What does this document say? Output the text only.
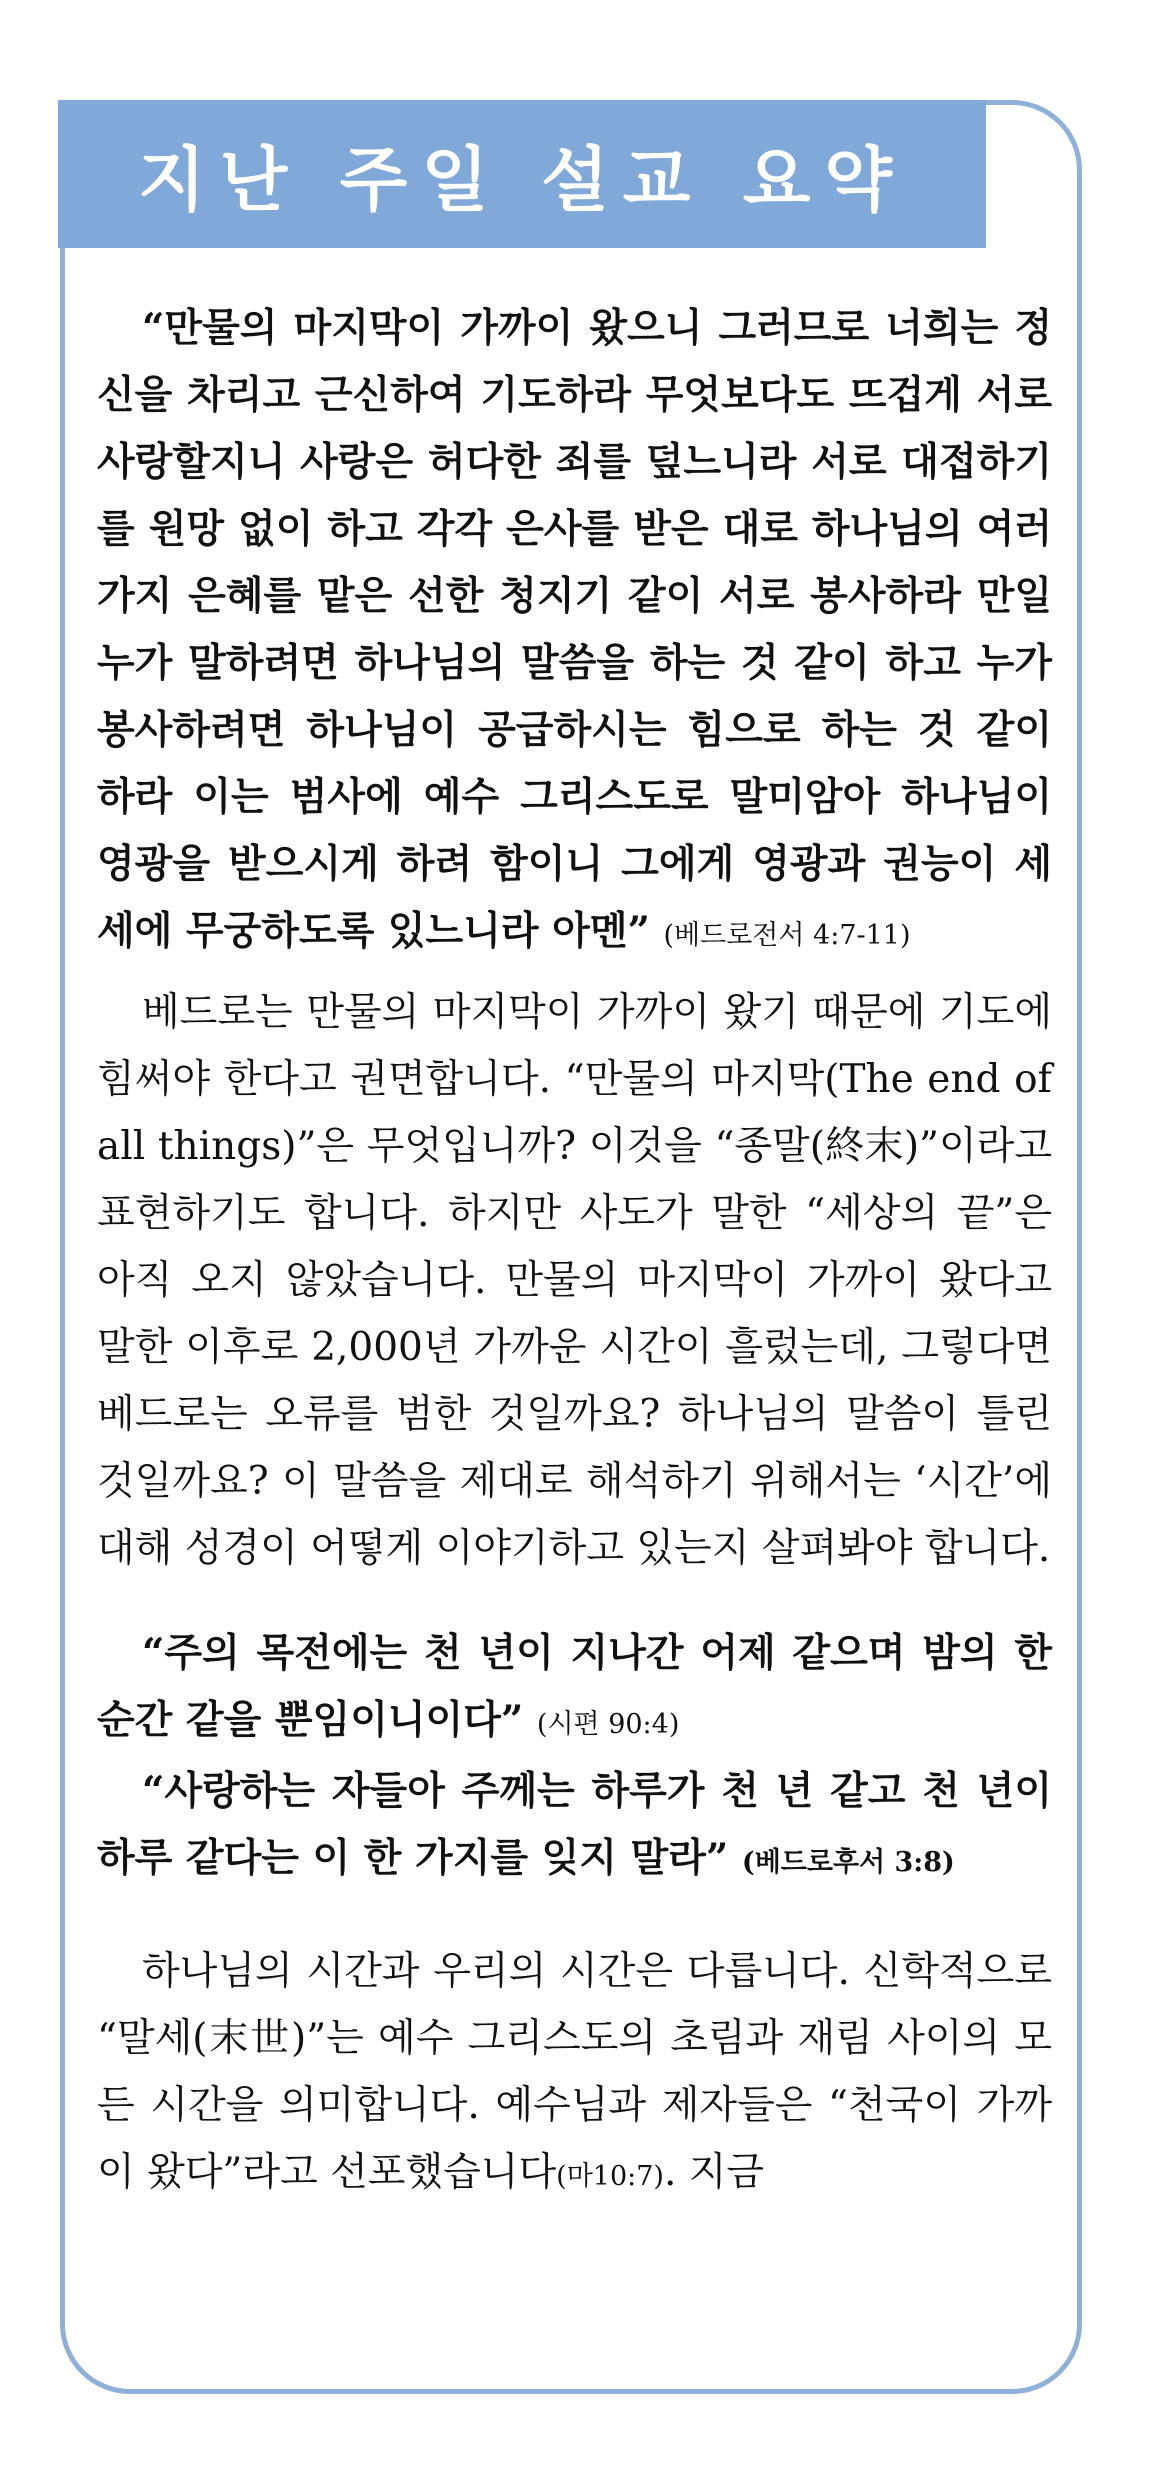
지난 주일 설교 요약

“만물의 마지막이 가까이 왔으니 그러므로 너희는 정신을 차리고 근신하여 기도하라 무엇보다도 뜨겁게 서로 사랑할지니 사랑은 허다한 죄를 덮느니라 서로 대접하기를 원망 없이 하고 각각 은사를 받은 대로 하나님의 여러 가지 은혜를 맡은 선한 청지기 같이 서로 봉사하라 만일 누가 말하려면 하나님의 말씀을 하는 것 같이 하고 누가 봉사하려면 하나님이 공급하시는 힘으로 하는 것 같이 하라 이는 범사에 예수 그리스도로 말미암아 하나님이 영광을 받으시게 하려 함이니 그에게 영광과 권능이 세세에 무궁하도록 있느니라 아멘” (베드로전서 4:7-11)

베드로는 만물의 마지막이 가까이 왔기 때문에 기도에 힘써야 한다고 권면합니다. “만물의 마지막(The end of all things)”은 무엇입니까? 이것을 “종말(終末)”이라고 표현하기도 합니다. 하지만 사도가 말한 “세상의 끝”은 아직 오지 않았습니다. 만물의 마지막이 가까이 왔다고 말한 이후로 2,000년 가까운 시간이 흘렀는데, 그렇다면 베드로는 오류를 범한 것일까요? 하나님의 말씀이 틀린 것일까요? 이 말씀을 제대로 해석하기 위해서는 ‘시간’에 대해 성경이 어떻게 이야기하고 있는지 살펴봐야 합니다.

“주의 목전에는 천 년이 지나간 어제 같으며 밤의 한 순간 같을 뿐임이니이다” (시편 90:4)

“사랑하는 자들아 주께는 하루가 천 년 같고 천 년이 하루 같다는 이 한 가지를 잊지 말라” (베드로후서 3:8)

하나님의 시간과 우리의 시간은 다릅니다. 신학적으로 “말세(末世)”는 예수 그리스도의 초림과 재림 사이의 모든 시간을 의미합니다. 예수님과 제자들은 “천국이 가까이 왔다”라고 선포했습니다(마10:7). 지금
